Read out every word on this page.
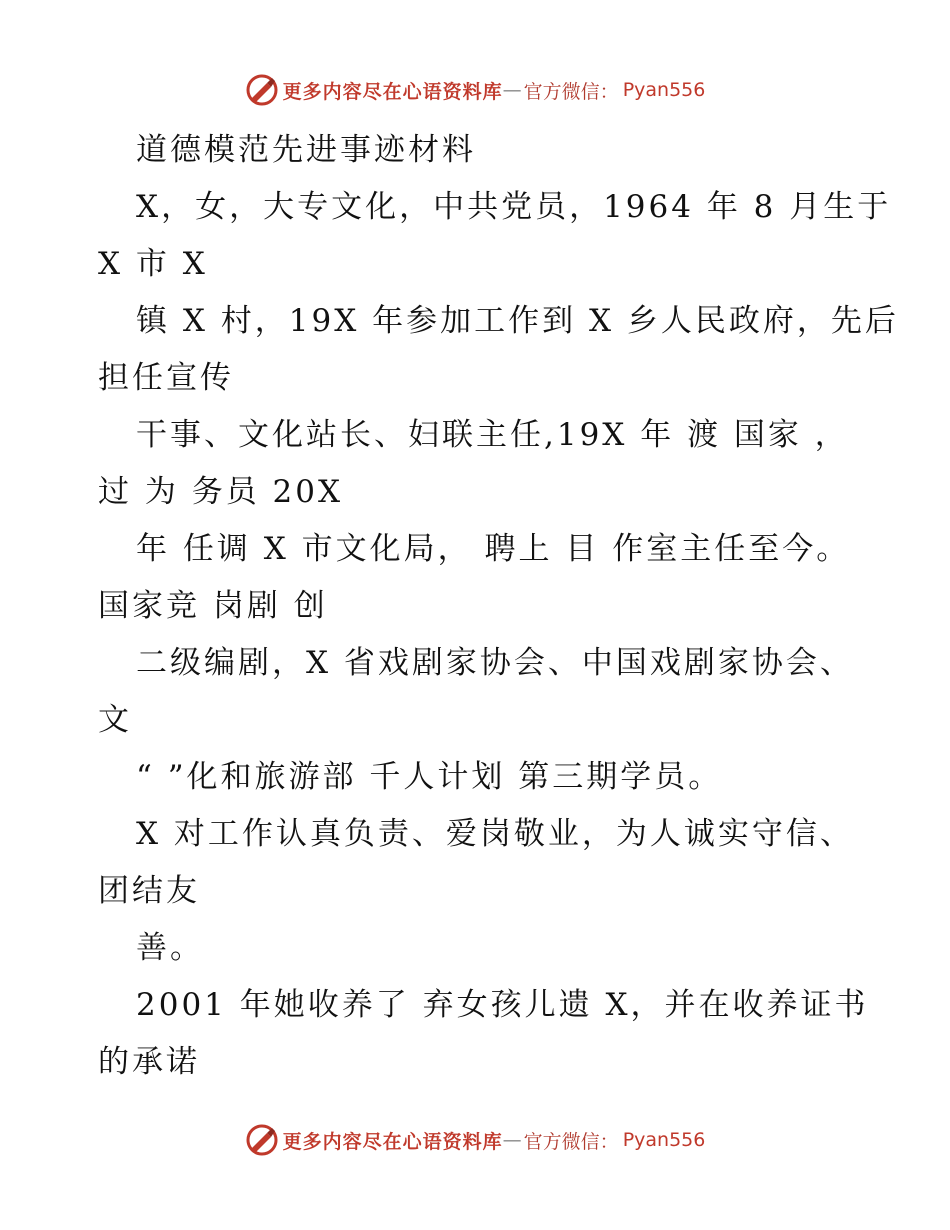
更多内容尽在心语资料库 — 官方微信： Pyan556
道德模范先进事迹材料
X，女，大专文化，中共党员，1964 年 8 月生于
X 市 X
镇 X 村，19X 年参加工作到 X 乡人民政府，先后
担任宣传
干事、文化站长、妇联主任,19X 年 渡 国家 ，
过 为 务员 20X
年 任调 X 市文化局， 聘上 目 作室主任至今。
国家竞 岗剧 创
二级编剧，X 省戏剧家协会、中国戏剧家协会、
文
“ ”化和旅游部 千人计划 第三期学员。
X 对工作认真负责、爱岗敬业，为人诚实守信、
团结友
善。
2001 年她收养了 弃女孩儿遗 X，并在收养证书
的承诺
更多内容尽在心语资料库 — 官方微信： Pyan556
